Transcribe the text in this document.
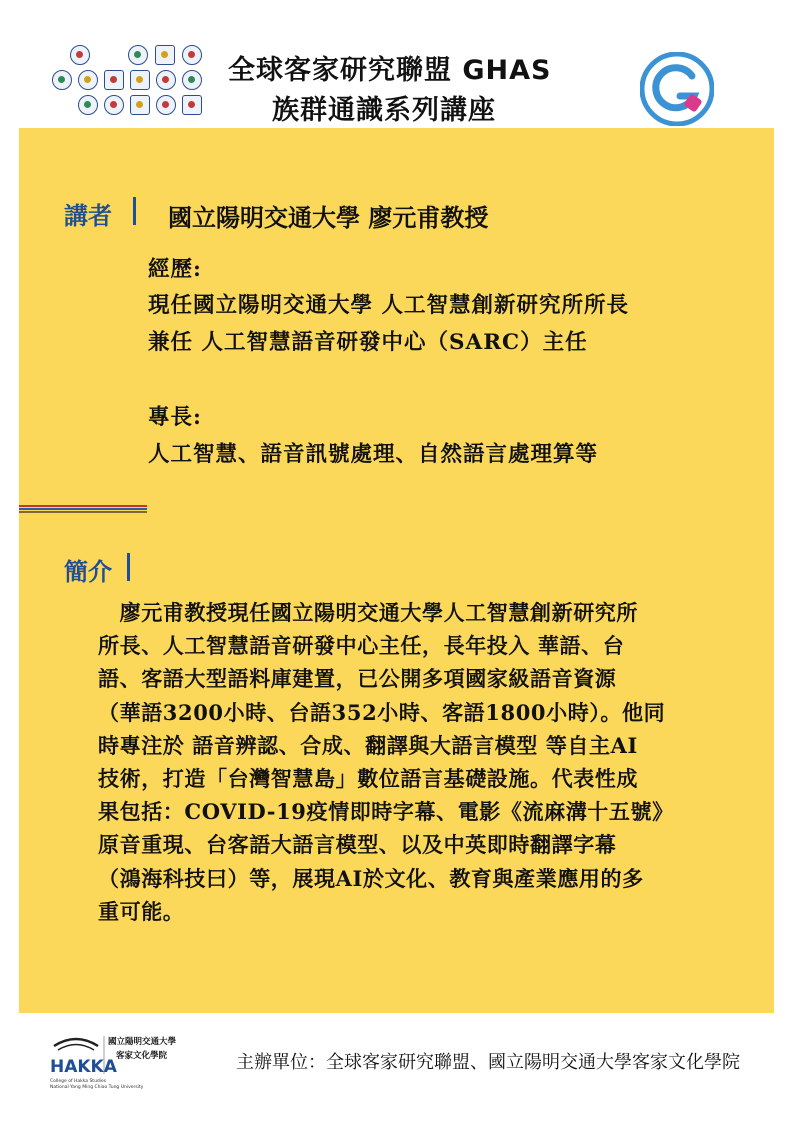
全球客家研究聯盟 GHAS
族群通識系列講座
講者 國立陽明交通大學 廖元甫教授
經歷:
現任國立陽明交通大學 人工智慧創新研究所所長
兼任 人工智慧語音研發中心（SARC）主任
專長:
人工智慧、語音訊號處理、自然語言處理算等
簡介
　廖元甫教授現任國立陽明交通大學人工智慧創新研究所
所長、人工智慧語音研發中心主任，長年投入 華語、台
語、客語大型語料庫建置，已公開多項國家級語音資源
（華語3200小時、台語352小時、客語1800小時）。他同
時專注於 語音辨認、合成、翻譯與大語言模型 等自主AI
技術，打造「台灣智慧島」數位語言基礎設施。代表性成
果包括：COVID-19疫情即時字幕、電影《流麻溝十五號》
原音重現、台客語大語言模型、以及中英即時翻譯字幕
（鴻海科技曰）等，展現AI於文化、教育與產業應用的多
重可能。
HAKKA
國立陽明交通大學
客家文化學院
College of Hakka Studies
National Yang Ming Chiao Tung University
主辦單位：全球客家研究聯盟、國立陽明交通大學客家文化學院
